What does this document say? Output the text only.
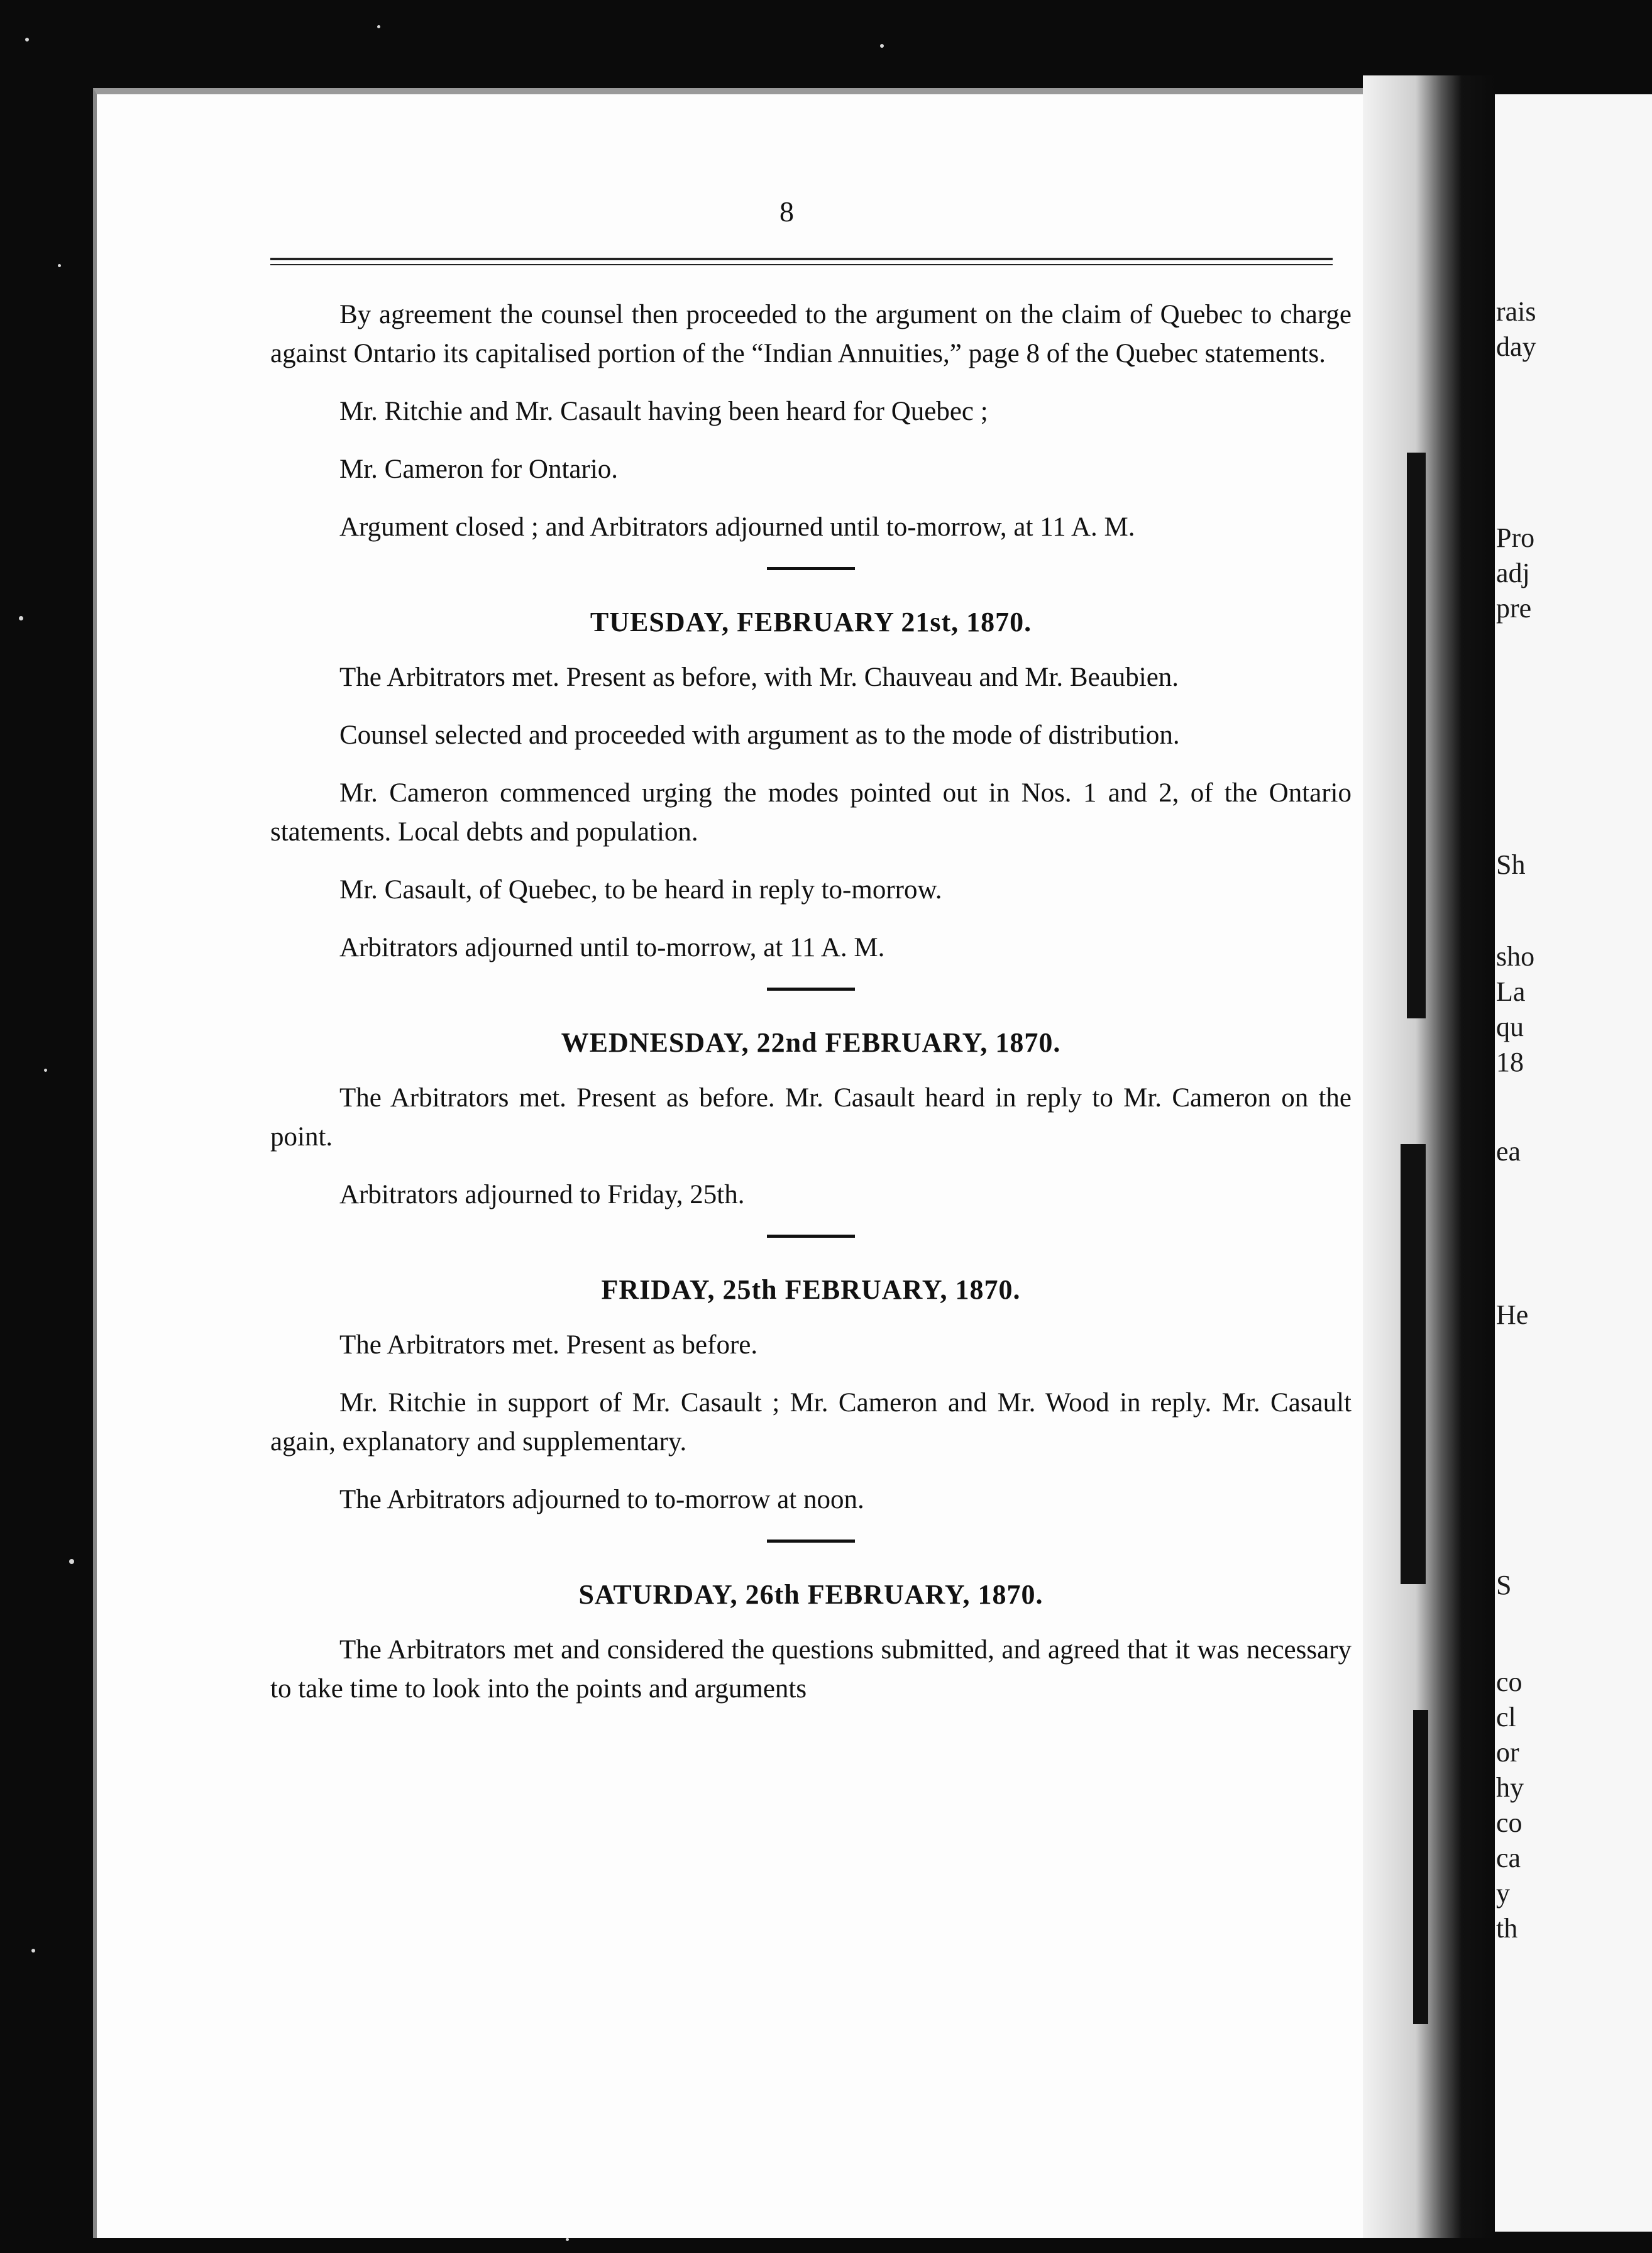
rais
day
Pro
adj
pre
Sh
sho
La
qu
18
ea
He
S
co
cl
or
hy
co
ca
y
th
8

By agreement the counsel then proceeded to the argument on the claim of Quebec to charge against Ontario its capitalised portion of the “Indian Annuities,” page 8 of the Quebec statements.

Mr. Ritchie and Mr. Casault having been heard for Quebec ;

Mr. Cameron for Ontario.

Argument closed ; and Arbitrators adjourned until to-morrow, at 11 A. M.

TUESDAY, FEBRUARY 21st, 1870.

The Arbitrators met. Present as before, with Mr. Chauveau and Mr. Beaubien.

Counsel selected and proceeded with argument as to the mode of distribution.

Mr. Cameron commenced urging the modes pointed out in Nos. 1 and 2, of the Ontario statements. Local debts and population.

Mr. Casault, of Quebec, to be heard in reply to-morrow.

Arbitrators adjourned until to-morrow, at 11 A. M.

WEDNESDAY, 22nd FEBRUARY, 1870.

The Arbitrators met. Present as before. Mr. Casault heard in reply to Mr. Cameron on the point.

Arbitrators adjourned to Friday, 25th.

FRIDAY, 25th FEBRUARY, 1870.

The Arbitrators met. Present as before.

Mr. Ritchie in support of Mr. Casault ; Mr. Cameron and Mr. Wood in reply. Mr. Casault again, explanatory and supplementary.

The Arbitrators adjourned to to-morrow at noon.

SATURDAY, 26th FEBRUARY, 1870.

The Arbitrators met and considered the questions submitted, and agreed that it was necessary to take time to look into the points and arguments
